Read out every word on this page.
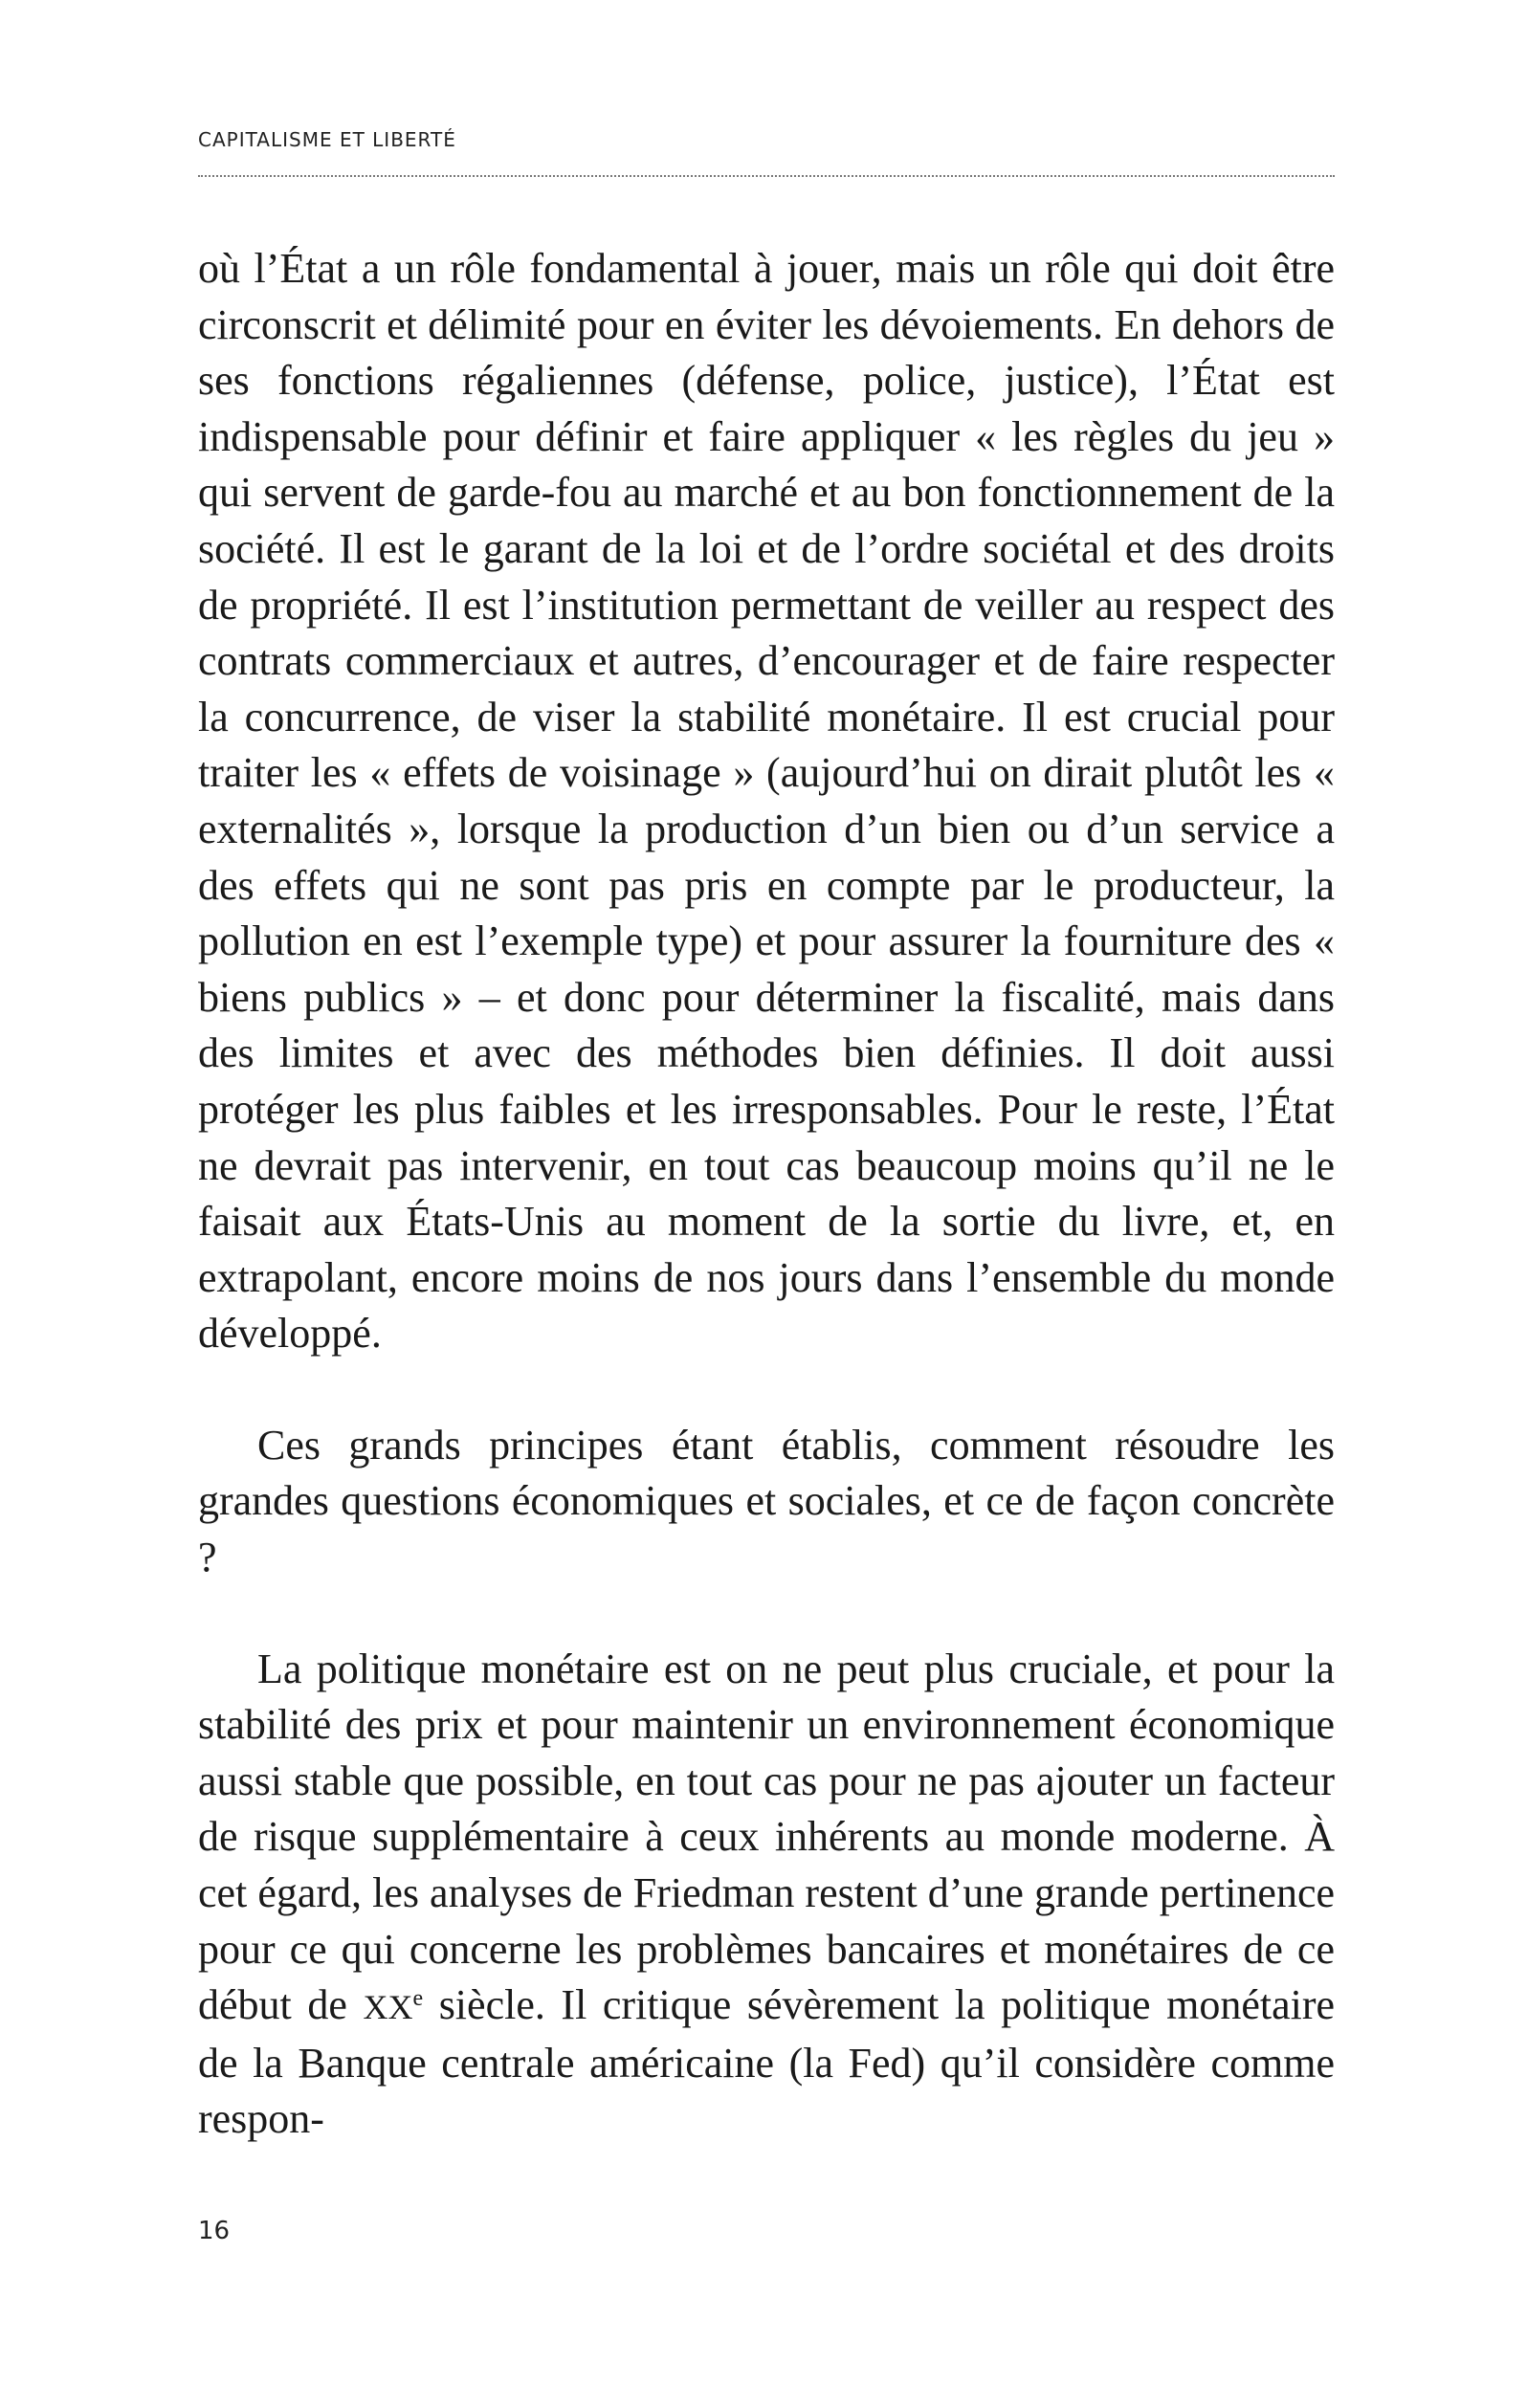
CAPITALISME ET LIBERTÉ

où l’État a un rôle fondamental à jouer, mais un rôle qui doit être circonscrit et délimité pour en éviter les dévoiements. En dehors de ses fonctions régaliennes (défense, police, justice), l’État est indispensable pour définir et faire appliquer « les règles du jeu » qui servent de garde-fou au marché et au bon fonctionnement de la société. Il est le garant de la loi et de l’ordre sociétal et des droits de propriété. Il est l’institution permettant de veiller au respect des contrats commerciaux et autres, d’encourager et de faire respecter la concurrence, de viser la stabilité monétaire. Il est crucial pour traiter les « effets de voisinage » (aujourd’hui on dirait plutôt les « externalités », lorsque la production d’un bien ou d’un service a des effets qui ne sont pas pris en compte par le producteur, la pollution en est l’exemple type) et pour assurer la fourniture des « biens publics » – et donc pour déterminer la fiscalité, mais dans des limites et avec des méthodes bien définies. Il doit aussi protéger les plus faibles et les irresponsables. Pour le reste, l’État ne devrait pas intervenir, en tout cas beaucoup moins qu’il ne le faisait aux États-Unis au moment de la sortie du livre, et, en extrapolant, encore moins de nos jours dans l’ensemble du monde développé.

Ces grands principes étant établis, comment résoudre les grandes questions économiques et sociales, et ce de façon concrète ?

La politique monétaire est on ne peut plus cruciale, et pour la stabilité des prix et pour maintenir un environnement économique aussi stable que possible, en tout cas pour ne pas ajouter un facteur de risque supplémentaire à ceux inhérents au monde moderne. À cet égard, les analyses de Friedman restent d’une grande pertinence pour ce qui concerne les problèmes bancaires et monétaires de ce début de XXe siècle. Il critique sévèrement la politique monétaire de la Banque centrale américaine (la Fed) qu’il considère comme respon-

16
